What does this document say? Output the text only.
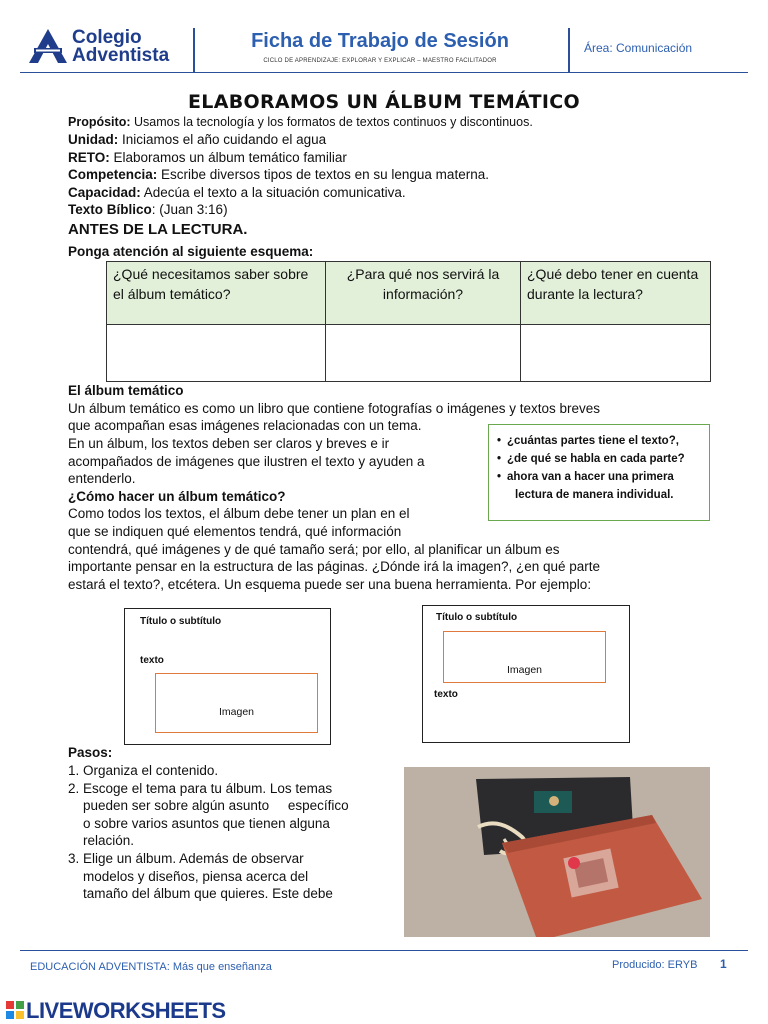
Colegio
Adventista
Ficha de Trabajo de Sesión
CICLO DE APRENDIZAJE: EXPLORAR Y EXPLICAR – MAESTRO FACILITADOR
Área: Comunicación
ELABORAMOS UN ÁLBUM TEMÁTICO
Propósito: Usamos la tecnología y los formatos de textos continuos y discontinuos.
Unidad: Iniciamos el año cuidando el agua
RETO: Elaboramos un álbum temático familiar
Competencia: Escribe diversos tipos de textos en su lengua materna.
Capacidad: Adecúa el texto a la situación comunicativa.
Texto Bíblico: (Juan 3:16)
ANTES DE LA LECTURA.
Ponga atención al siguiente esquema:
¿Qué necesitamos saber sobre el álbum temático?	¿Para qué nos servirá la información?	¿Qué debo tener en cuenta durante la lectura?

El álbum temático
Un álbum temático es como un libro que contiene fotografías o imágenes y textos breves
que acompañan esas imágenes relacionadas con un tema.
En un álbum, los textos deben ser claros y breves e ir
acompañados de imágenes que ilustren el texto y ayuden a
entenderlo.
¿Cómo hacer un álbum temático?
Como todos los textos, el álbum debe tener un plan en el
que se indiquen qué elementos tendrá, qué información
contendrá, qué imágenes y de qué tamaño será; por ello, al planificar un álbum es
importante pensar en la estructura de las páginas. ¿Dónde irá la imagen?, ¿en qué parte
estará el texto?, etcétera. Un esquema puede ser una buena herramienta. Por ejemplo:
• ¿cuántas partes tiene el texto?,
• ¿de qué se habla en cada parte?
• ahora van a hacer una primera
lectura de manera individual.
Título o subtítulo
texto
Imagen
Título o subtítulo
Imagen
texto
Pasos:
1. Organiza el contenido.
2. Escoge el tema para tu álbum. Los temas
pueden ser sobre algún asunto     específico
o sobre varios asuntos que tienen alguna
relación.
3. Elige un álbum. Además de observar
modelos y diseños, piensa acerca del
tamaño del álbum que quieres. Este debe
EDUCACIÓN ADVENTISTA: Más que enseñanza	Producido: ERYB 1
LIVEWORKSHEETS
